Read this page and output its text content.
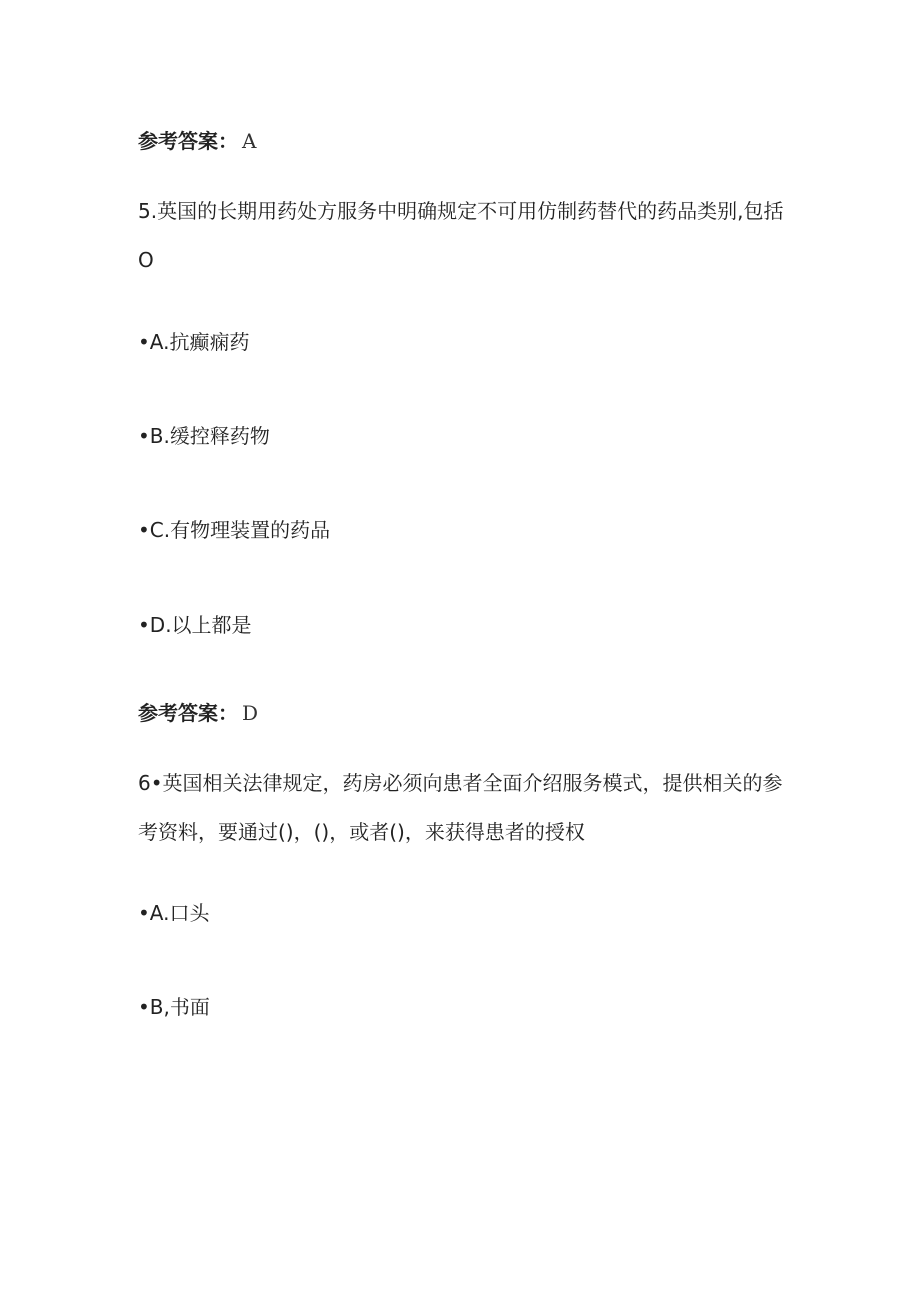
参考答案： A
5.英国的长期用药处方服务中明确规定不可用仿制药替代的药品类别,包括
O
•A.抗癫痫药
•B.缓控释药物
•C.有物理装置的药品
•D.以上都是
参考答案： D
6•英国相关法律规定，药房必须向患者全面介绍服务模式，提供相关的参
考资料，要通过()，()，或者()，来获得患者的授权
•A.口头
•B,书面
